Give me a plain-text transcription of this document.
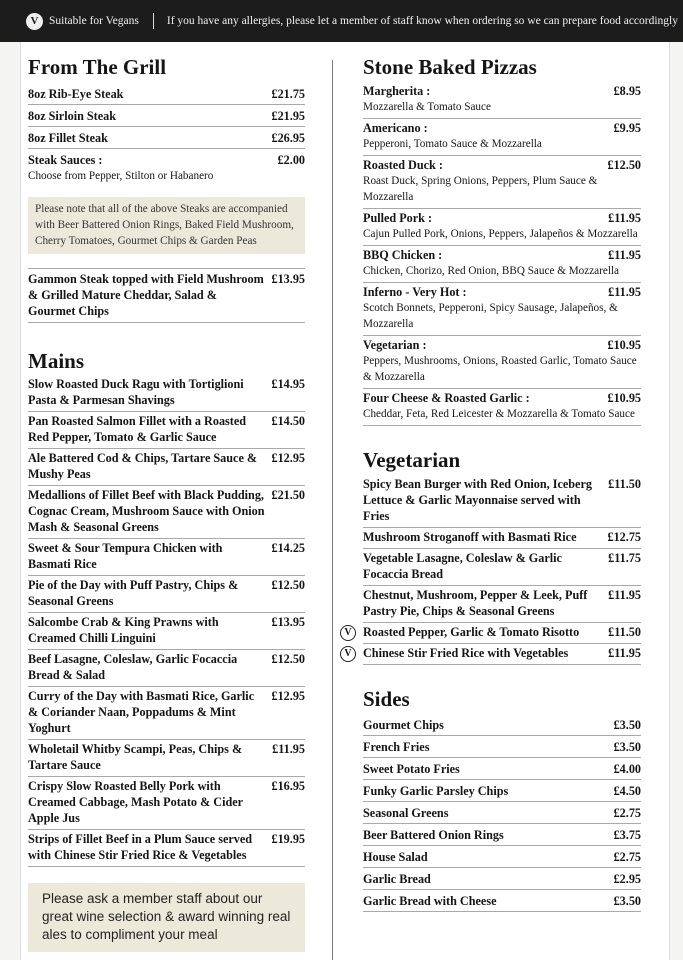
V Suitable for Vegans If you have any allergies, please let a member of staff know when ordering so we can prepare food accordingly
From The Grill
8oz Rib-Eye Steak	£21.75
8oz Sirloin Steak	£21.95
8oz Fillet Steak	£26.95
Steak Sauces :	£2.00
Choose from Pepper, Stilton or Habanero
Please note that all of the above Steaks are accompanied with Beer Battered Onion Rings, Baked Field Mushroom, Cherry Tomatoes, Gourmet Chips & Garden Peas
Gammon Steak topped with Field Mushroom & Grilled Mature Cheddar, Salad & Gourmet Chips
£13.95
Mains
Slow Roasted Duck Ragu with Tortiglioni Pasta & Parmesan Shavings
£14.95
Pan Roasted Salmon Fillet with a Roasted Red Pepper, Tomato & Garlic Sauce
£14.50
Ale Battered Cod & Chips, Tartare Sauce & Mushy Peas
£12.95
Medallions of Fillet Beef with Black Pudding, Cognac Cream, Mushroom Sauce with Onion Mash & Seasonal Greens
£21.50
Sweet & Sour Tempura Chicken with Basmati Rice
£14.25
Pie of the Day with Puff Pastry, Chips & Seasonal Greens
£12.50
Salcombe Crab & King Prawns with Creamed Chilli Linguini
£13.95
Beef Lasagne, Coleslaw, Garlic Focaccia Bread & Salad
£12.50
Curry of the Day with Basmati Rice, Garlic & Coriander Naan, Poppadums & Mint Yoghurt
£12.95
Wholetail Whitby Scampi, Peas, Chips & Tartare Sauce
£11.95
Crispy Slow Roasted Belly Pork with Creamed Cabbage, Mash Potato & Cider Apple Jus
£16.95
Strips of Fillet Beef in a Plum Sauce served with Chinese Stir Fried Rice & Vegetables
£19.95
Please ask a member staff about our great wine selection & award winning real ales to compliment your meal
Stone Baked Pizzas
Margherita :	£8.95
Mozzarella & Tomato Sauce
Americano :	£9.95
Pepperoni, Tomato Sauce & Mozzarella
Roasted Duck :	£12.50
Roast Duck, Spring Onions, Peppers, Plum Sauce & Mozzarella
Pulled Pork :	£11.95
Cajun Pulled Pork, Onions, Peppers, Jalapeños & Mozzarella
BBQ Chicken :	£11.95
Chicken, Chorizo, Red Onion, BBQ Sauce & Mozzarella
Inferno - Very Hot :	£11.95
Scotch Bonnets, Pepperoni, Spicy Sausage, Jalapeños, & Mozzarella
Vegetarian :	£10.95
Peppers, Mushrooms, Onions, Roasted Garlic, Tomato Sauce & Mozzarella
Four Cheese & Roasted Garlic :	£10.95
Cheddar, Feta, Red Leicester & Mozzarella & Tomato Sauce
Vegetarian
Spicy Bean Burger with Red Onion, Iceberg Lettuce & Garlic Mayonnaise served with Fries
£11.50
Mushroom Stroganoff with Basmati Rice	£12.75
Vegetable Lasagne, Coleslaw & Garlic Focaccia Bread
£11.75
Chestnut, Mushroom, Pepper & Leek, Puff Pastry Pie, Chips & Seasonal Greens
£11.95
V Roasted Pepper, Garlic & Tomato Risotto	£11.50
V Chinese Stir Fried Rice with Vegetables	£11.95
Sides
Gourmet Chips	£3.50
French Fries	£3.50
Sweet Potato Fries	£4.00
Funky Garlic Parsley Chips	£4.50
Seasonal Greens	£2.75
Beer Battered Onion Rings	£3.75
House Salad	£2.75
Garlic Bread	£2.95
Garlic Bread with Cheese	£3.50
